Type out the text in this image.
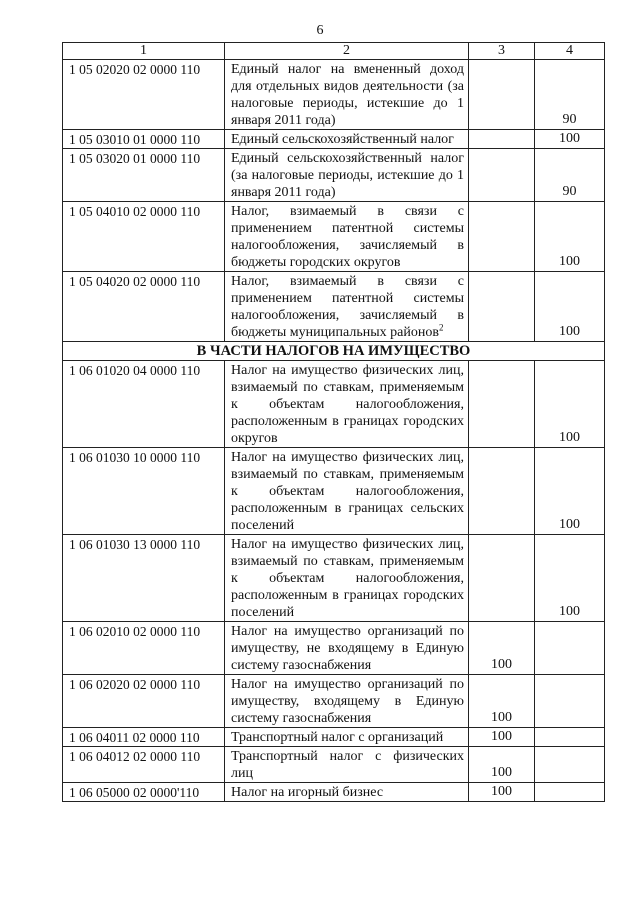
6
1	2	3	4
1 05 02020 02 0000 110	Единый налог на вмененный доход для отдельных видов деятельности (за налоговые периоды, истекшие до 1 января 2011 года)		90
1 05 03010 01 0000 110	Единый сельскохозяйственный налог		100
1 05 03020 01 0000 110	Единый сельскохозяйственный налог (за налоговые периоды, истекшие до 1 января 2011 года)		90
1 05 04010 02 0000 110	Налог, взимаемый в связи с применением патентной системы налогообложения, зачисляемый в бюджеты городских округов		100
1 05 04020 02 0000 110	Налог, взимаемый в связи с применением патентной системы налогообложения, зачисляемый в бюджеты муниципальных районов$^2$		100
В ЧАСТИ НАЛОГОВ НА ИМУЩЕСТВО			
1 06 01020 04 0000 110	Налог на имущество физических лиц, взимаемый по ставкам, применяемым к объектам налогообложения, расположенным в границах городских округов		100
1 06 01030 10 0000 110	Налог на имущество физических лиц, взимаемый по ставкам, применяемым к объектам налогообложения, расположенным в границах сельских поселений		100
1 06 01030 13 0000 110	Налог на имущество физических лиц, взимаемый по ставкам, применяемым к объектам налогообложения, расположенным в границах городских поселений		100
1 06 02010 02 0000 110	Налог на имущество организаций по имуществу, не входящему в Единую систему газоснабжения	100	
1 06 02020 02 0000 110	Налог на имущество организаций по имуществу, входящему в Единую систему газоснабжения	100	
1 06 04011 02 0000 110	Транспортный налог с организаций	100	
1 06 04012 02 0000 110	Транспортный налог с физических лиц	100	
1 06 05000 02 0000'110	Налог на игорный бизнес	100	
